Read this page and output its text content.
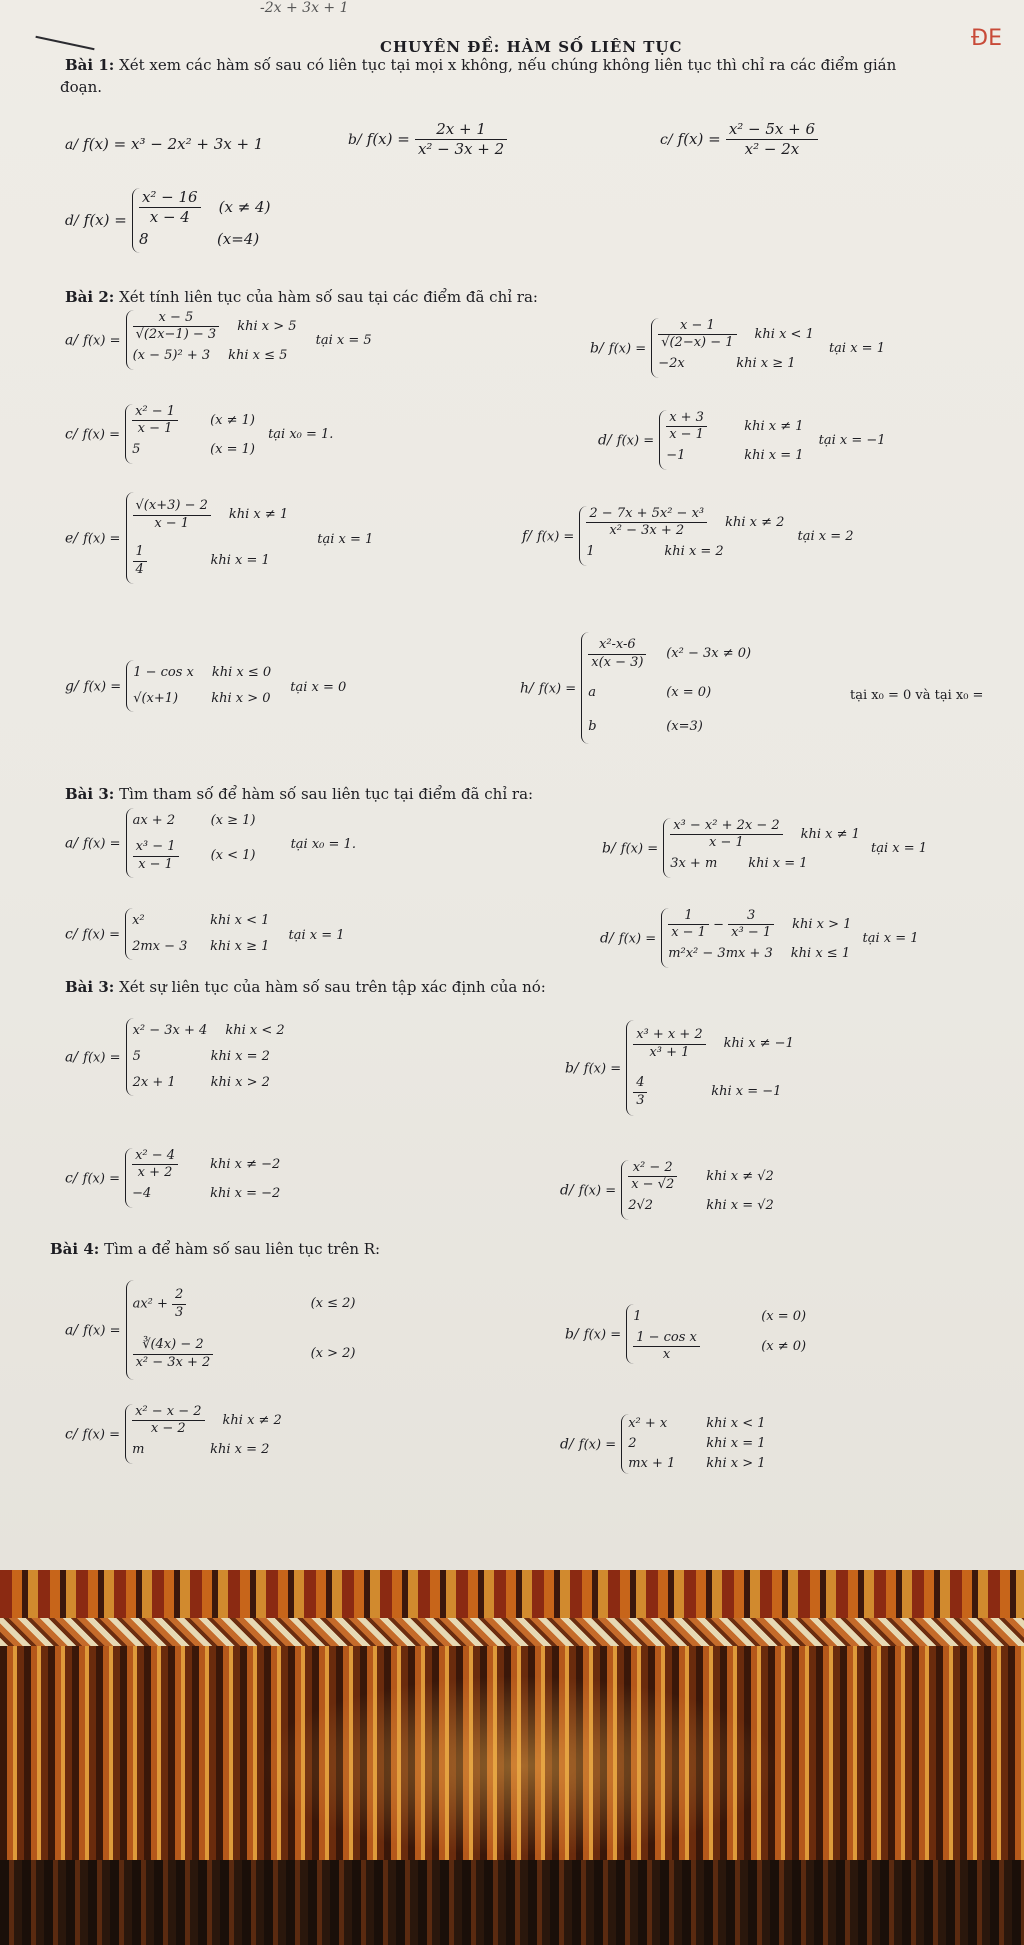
-2x + 3x + 1
ĐE
CHUYÊN ĐỀ: HÀM SỐ LIÊN TỤC
Bài 1: Xét xem các hàm số sau có liên tục tại mọi x không, nếu chúng không liên tục thì chỉ ra các điểm gián
đoạn.
a/ f(x) = x³ − 2x² + 3x + 1	b/ $f(x) = \frac{2x + 1}{\text{x² − 3x + 2}}$	c/ $f(x) = \frac{\text{x² − 5x + 6}}{\text{x² − 2x}}$
d/ $f(x) = \frac{\text{x² − 16}}{x - 4} (x \ne 4)$
8	(x=4)
Bài 2: Xét tính liên tục của hàm số sau tại các điểm đã chỉ ra:
a/ $f(x) = \frac{x - 5}{√(2x-1) - 3}$ khi x > 5
(x − 5)² + 3 khi x ≤ 5
tại x = 5	b/ $f(x) = \frac{x - 1}{√(2-x) - 1}$ khi x < 1
−2x	khi x ≥ 1
tại x = 1
c/ $f(x) = \frac{\text{x² − 1}}{x - 1} (x \ne 1)$
5	(x = 1)
tại x₀ = 1.	d/ $f(x) = \frac{x + 3}{x - 1}$	khi x ≠ 1
−1	khi x = 1
tại x = −1
e/ f(x) =
$\frac{√(x+3) - 2}{x - 1}$ khi x ≠ 1
$\frac{1}{4}$	khi x = 1
tại x = 1	f/ $f(x) = \frac{\text{2 − 7x + 5x² − x³}}{\text{x² − 3x + 2}}$ khi x ≠ 2
1	khi x = 2
tại x = 2
g/ f(x) =
1 − cos x khi x ≤ 0
√(x+1)	khi x > 0
tại x = 0	h/ f(x) =
$\frac{\text{x²-x-6}}{x(x - 3)} (x^2 - 3x \ne 0)$
a	(x = 0)
b	(x=3)
tại x₀ = 0 và tại x₀ =
Bài 3: Tìm tham số để hàm số sau liên tục tại điểm đã chỉ ra:
a/ f(x) =
ax + 2	(x ≥ 1)
$\frac{\text{x³ − 1}}{x - 1} (x < 1)$
tại x₀ = 1.	b/ $f(x) = \frac{\text{x³ − x² + 2x − 2}}{x - 1}$ khi x ≠ 1
3x + m	khi x = 1
tại x = 1
c/ f(x) =
x²	khi x < 1
2mx − 3	khi x ≥ 1
tại x = 1	d/ $f(x) = \frac{1}{x - 1} - \frac{3}{\text{x³ − 1}}$ khi x > 1
m²x² − 3mx + 3 khi x ≤ 1
tại x = 1
Bài 3: Xét sự liên tục của hàm số sau trên tập xác định của nó:
a/ f(x) =
x² − 3x + 4 khi x < 2
5	khi x = 2
2x + 1	khi x > 2
b/ f(x) =
$\frac{\text{x³ + x + 2}}{\text{x³ + 1}}$ khi x ≠ −1
$\frac{4}{3}$	khi x = −1
c/ $f(x) = \frac{\text{x² − 4}}{x + 2}$ khi x ≠ −2
−4	khi x = −2	d/ $f(x) = \frac{\text{x² − 2}}{x - √2}$ khi x ≠ √2
2√2	khi x = √2
Bài 4: Tìm a để hàm số sau liên tục trên R:
a/ f(x) =
$ax^2 + \frac{2}{3}$	(x ≤ 2)
$\frac{∛(4x) - 2}{\text{x² − 3x + 2}}$	(x > 2)
b/ f(x) =
1	(x = 0)
$\frac{\text{1 − cos x}}{x}$	(x ≠ 0)
c/ $f(x) = \frac{\text{x² − x − 2}}{x - 2}$ khi x ≠ 2
m	khi x = 2	d/ f(x) =
x² + x	khi x < 1
2	khi x = 1
mx + 1	khi x > 1
